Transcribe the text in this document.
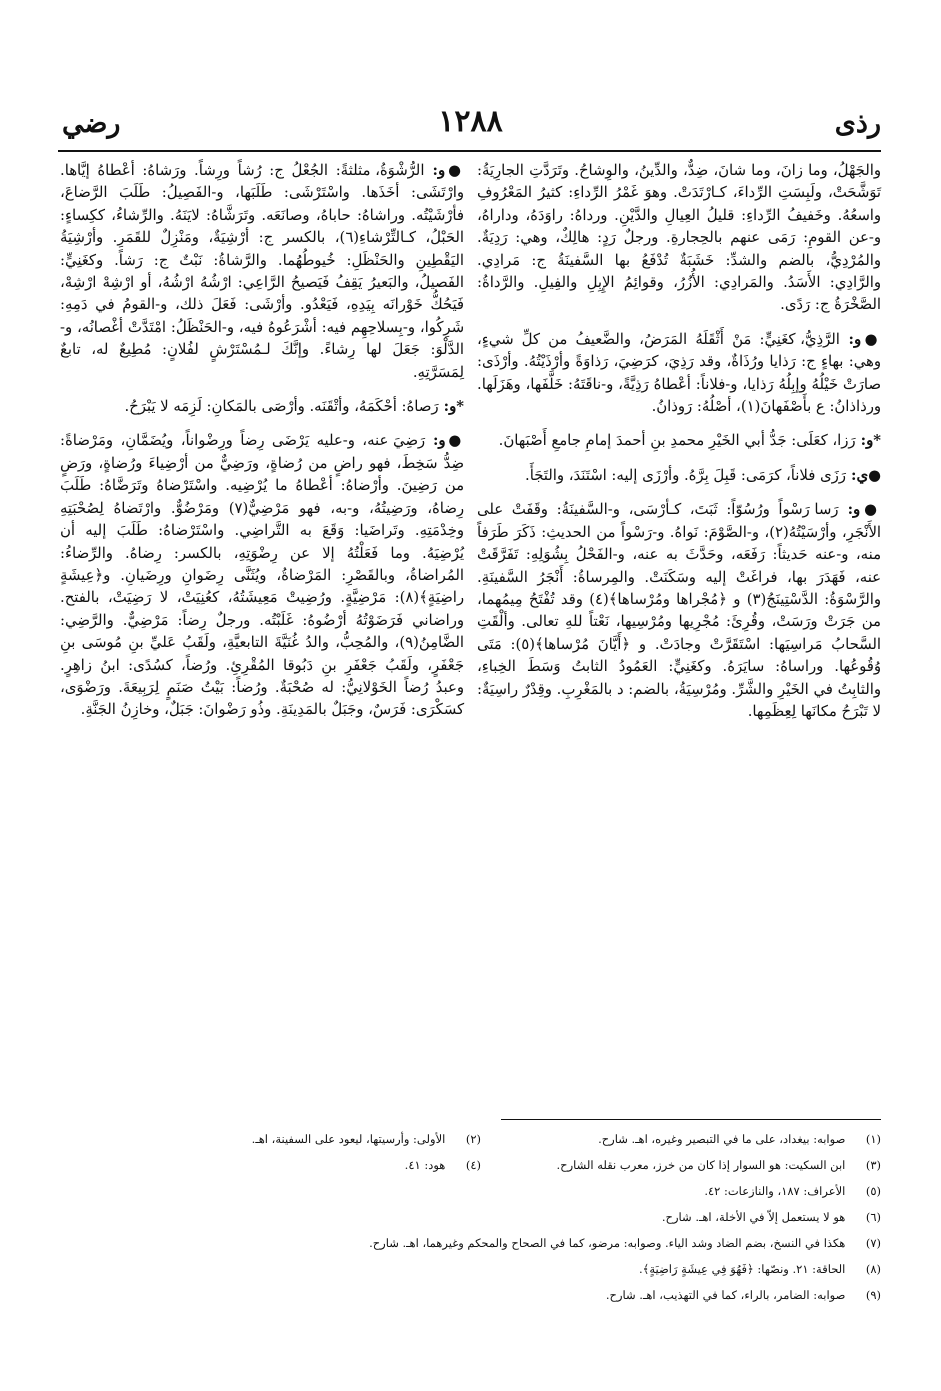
رذى
١٢٨٨
رضي

والجَهْلُ، وما زانَ، وما شانَ، ضِدٌّ، والدِّينُ، والوِشاحُ. وتَرَدَّتِ الجارِيَةُ: تَوَشَّحَتْ، ولَبِسَتِ الرِّداءَ، كـارْتَدَتْ. وهوَ غَمْرُ الرِّداءِ: كثيرُ المَعْرُوفِ واسعُهُ. وخَفيفُ الرِّداءِ: قليلُ العِيالِ والدَّيْنِ. ورداهُ: راوَدَهُ، وداراهُ، و-عن القومِ: رَمَى عنهم بالحِجارةِ. ورجلٌ رَدٍ: هالِكٌ، وهي: رَدِيَةٌ. والمُرْدِيُّ، بالضم والشدِّ: خَشَبَةٌ تُدْفَعُ بها السَّفينَةُ ج: مَرادِي. والرَّادِي: الأَسَدُ. والمَرادِي: الأُزُرُ، وقوائِمُ الإِبِلِ والفِيلِ. والرَّداةُ: الصَّخْرَةُ ج: رَدًى.

●و: الرَّذِيُّ، كغَنِيٍّ: مَنْ أَثْقَلَهُ المَرَضُ، والضَّعيفُ من كلِّ شيءٍ، وهي: بهاءٍ ج: رَذايا ورُذَاةٌ، وقد رَذِيَ، كرَضِيَ، رَذاوَةً وأرْذَيْتُهُ. وأرْذَى: صارَتْ خَيْلُهُ وإبِلُهُ رَذايا، و-فلاناً: أعْطاهُ رَذِيَّةً، و-ناقَتَهُ: خَلَّفَها، وهَزَلَها. ورذاذانُ: ع بأَصْفَهانَ(١)، أصْلُهُ: رَوذانُ.

*و: رَزا، كعَلَى: جَدُّ أبي الخَيْرِ محمدِ بنِ أحمدَ إمامِ جامعِ أَصْبَهانَ.

●ي: رَزَى فلاناً، كرَمَى: قَبِلَ بِرَّهُ. وأرْزَى إليه: اسْتَنَدَ، والتَجَأَ.

●و: رَسا رَسْواً ورُسُوّاً: ثَبَتَ، كـأرْسَى، و-السَّفينَةُ: وقَفَتْ على الأَنْجَرِ، وأرْسَيْتُهُ(٢)، و-الصَّوْمَ: نَواهُ. و-رَسْواً من الحديثِ: ذَكَرَ طَرَفاً منه، و-عنه حَديثاً: رَفَعَه، وحَدَّثَ به عنه، و-الفَحْلُ بِشُوَلِهِ: تَفَرَّقَتْ عنه، فَهَدَرَ بها، فراغَتْ إليه وسَكَنَتْ. والمِرساةُ: أَنْجَرُ السَّفينَةِ. والرَّسْوَةُ: الدَّسْتِينَجُ(٣) و ﴿مُجْراها ومُرْساها﴾(٤) وقد تُفْتَحُ مِيمُهما، من جَرَتْ ورَسَتْ، وقُرِئَ: مُجْرِيها ومُرْسِيها، نَعْتاً للهِ تعالى. وألْقَتِ السَّحابُ مَراسِيَها: اسْتَقَرَّتْ وجادَتْ. و ﴿أَيَّانَ مُرْساها﴾(٥): مَتَى وُقُوعُها. وراساهُ: سايَرَهُ. وكغَنِيٍّ: العَمُودُ الثابتُ وَسَطَ الخِباءِ، والثابِتُ في الخَيْرِ والشَّرِّ. ومُرْسِيَةُ، بالضم: د بالمَغْرِبِ. وقِدْرٌ راسِيَةٌ: لا تَبْرَحُ مكانَها لِعِظَمِها.

●و: الرُّشْوَةُ، مثلثةً: الجُعْلُ ج: رُشاً ورِشاً. ورَشاهُ: أعْطاهُ إيَّاها. وارْتَشَى: أخَذَها. واسْتَرْشَى: طَلَبَها، و-الفَصِيلُ: طَلَبَ الرَّضاعَ، فأرْشَيْتُه. وراشاهُ: حاباهُ، وصانَعَه. وتَرَشَّاهُ: لايَنَهُ. والرِّشاءُ، ككِساءٍ: الحَبْلُ، كـالتِّرْشاءِ(٦)، بالكسر ج: أرْشِيَةٌ، ومَنْزِلٌ للقَمَرِ. وأرْشِيَةُ اليَقْطِينِ والحَنْظَلِ: خُيوطُهُما. والرَّشاةُ: نَبْتٌ ج: رَشاً. وكغَنِيٍّ: الفَصيلُ، والبَعيرُ يَقِفُ فَيَصيحُ الرَّاعِي: ارْشُهُ ارْشُهُ، أو ارْشِهْ ارْشِهْ، فَيَحُكُّ خَوْرانَه بِيَدِهِ، فَيَعْدُو. وأرْشَى: فَعَلَ ذلك، و-القومُ في دَمِهِ: شَرِكُوا، و-بِسلاحِهِم فيه: أشْرَعُوهُ فيه، و-الحَنْظَلُ: امْتَدَّتْ أغْصانُه، و-الدَّلْوَ: جَعَلَ لها رِشاءً. وإنَّكَ لـمُسْتَرْشٍ لفُلانٍ: مُطِيعٌ له، تابعٌ لِمَسَرَّتِهِ.

*و: رَصاهُ: أحْكَمَهُ، وأتْقَنَه. وأرْصَى بالمَكانِ: لَزِمَه لا يَبْرَحُ.

●و: رَضِيَ عنه، و-عليه يَرْضَى رِضاً ورِضْواناً، ويُضَمَّانِ، ومَرْضاةً: ضِدُّ سَخِطَ، فهو راضٍ من رُضاةٍ، ورَضِيٌّ من أرْضِياءَ ورُضاةٍ، ورَضٍ من رَضِينَ. وأرْضاهُ: أعْطاهُ ما يُرْضِيه. واسْتَرْضاهُ وتَرَضَّاهُ: طَلَبَ رِضاهُ، ورَضِيتُهُ، و-به، فهو مَرْضِيٌّ(٧) ومَرْضُوٌّ. وارْتَضاهُ لِصُحْبَتِهِ وخِدْمَتِهِ. وتَراضَيا: وَقَعَ به التَّراضِي. واسْتَرْضاهُ: طَلَبَ إليه أن يُرْضِيَهُ. وما فَعَلْتُهُ إلا عن رِضْوَتِهِ، بالكسر: رِضاهُ. والرِّضاءُ: المُراضاةُ، وبالقَصْرِ: المَرْضاةُ، ويُثَنَّى رِضَوانِ ورِضَيانِ. و﴿عِيشَةٍ راضِيَةٍ﴾(٨): مَرْضِيَّةٍ. ورُضِيتْ مَعِيشَتُهُ، كعُنِيَتْ، لا رَضِيَتْ، بالفتح. وراضاني فَرَضَوْتُهُ أرْضُوهُ: غَلَبْتُه. ورجلٌ رِضاً: مَرْضِيٌّ. والرَّضِي: الضَّامِنُ(٩)، والمُحِبُّ، والدُ غُنَيَّةَ التابعيَّةِ، ولَقَبُ عَليِّ بنِ مُوسَى بنِ جَعْفَرٍ، ولَقَبُ جَعْفَرِ بنِ دَبُوقا المُقْرِئِ. ورُضاً، كسُدًى: ابنُ زاهِرٍ. وعبدُ رُضاً الخَوْلانِيُّ: له صُحْبَةٌ. ورُضاً: بَيْتُ صَنَمٍ لِرَبِيعَةَ. ورَضْوَى، كسَكْرَى: فَرَسٌ، وجَبَلٌ بالمَدِينَةِ. وذُو رَضْوانَ: جَبَلٌ، وخازِنُ الجَنَّةِ.

(١) صوابه: بيغداد، على ما في التبصير وغيره، اهـ. شارح.
(٣) ابن السكيت: هو السوار إذا كان من خرز، معرب نقله الشارح.
(٥) الأعراف: ١٨٧، والنازعات: ٤٢.
(٦) هو لا يستعمل إلاّ في الأخلة، اهـ. شارح.
(٧) هكذا في النسخ، بضم الضاد وشد الياء. وصوابه: مرضو، كما في الصحاح والمحكم وغيرهما، اهـ. شارح.
(٨) الحاقة: ٢١. ونصّها: ﴿فَهُوَ فِي عِيشَةٍ رَاضِيَةٍ﴾.
(٩) صوابه: الضامر، بالراء، كما في التهذيب، اهـ. شارح.
(٢) الأولى: وأرسيتها، ليعود على السفينة، اهـ.
(٤) هود: ٤١.
